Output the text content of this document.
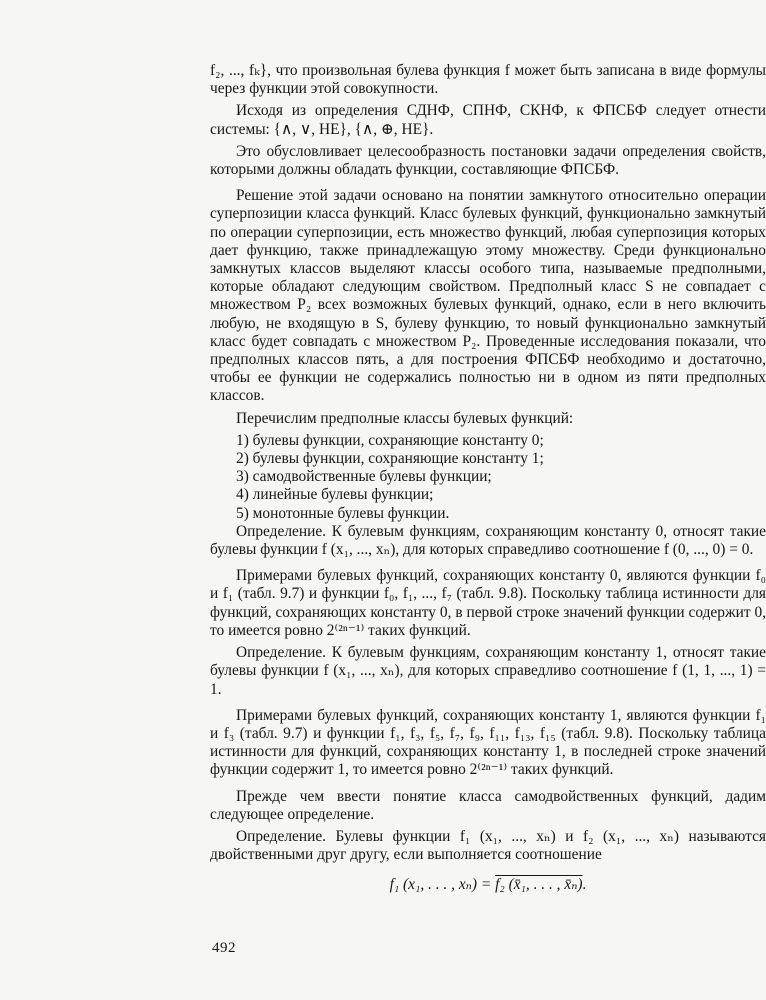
f₂, ..., fₖ}, что произвольная булева функция f может быть записана в виде формулы через функции этой совокупности.

Исходя из определения СДНФ, СПНФ, СКНФ, к ФПСБФ следует отнести системы: {∧, ∨, НЕ}, {∧, ⊕, НЕ}.

Это обусловливает целесообразность постановки задачи определения свойств, которыми должны обладать функции, составляющие ФПСБФ.

Решение этой задачи основано на понятии замкнутого относительно операции суперпозиции класса функций. Класс булевых функций, функционально замкнутый по операции суперпозиции, есть множество функций, любая суперпозиция которых дает функцию, также принадлежащую этому множеству. Среди функционально замкнутых классов выделяют классы особого типа, называемые предполными, которые обладают следующим свойством. Предполный класс S не совпадает с множеством P₂ всех возможных булевых функций, однако, если в него включить любую, не входящую в S, булеву функцию, то новый функционально замкнутый класс будет совпадать с множеством P₂. Проведенные исследования показали, что предполных классов пять, а для построения ФПСБФ необходимо и достаточно, чтобы ее функции не содержались полностью ни в одном из пяти предполных классов.

Перечислим предполные классы булевых функций:

1) булевы функции, сохраняющие константу 0;

2) булевы функции, сохраняющие константу 1;

3) самодвойственные булевы функции;

4) линейные булевы функции;

5) монотонные булевы функции.

Определение. К булевым функциям, сохраняющим константу 0, относят такие булевы функции f (x₁, ..., xₙ), для которых справедливо соотношение f (0, ..., 0) = 0.

Примерами булевых функций, сохраняющих константу 0, являются функции f₀ и f₁ (табл. 9.7) и функции f₀, f₁, ..., f₇ (табл. 9.8). Поскольку таблица истинности для функций, сохраняющих константу 0, в первой строке значений функции содержит 0, то имеется ровно 2⁽²ⁿ⁻¹⁾ таких функций.

Определение. К булевым функциям, сохраняющим константу 1, относят такие булевы функции f (x₁, ..., xₙ), для которых справедливо соотношение f (1, 1, ..., 1) = 1.

Примерами булевых функций, сохраняющих константу 1, являются функции f₁ и f₃ (табл. 9.7) и функции f₁, f₃, f₅, f₇, f₉, f₁₁, f₁₃, f₁₅ (табл. 9.8). Поскольку таблица истинности для функций, сохраняющих константу 1, в последней строке значений функции содержит 1, то имеется ровно 2⁽²ⁿ⁻¹⁾ таких функций.

Прежде чем ввести понятие класса самодвойственных функций, дадим следующее определение.

Определение. Булевы функции f₁ (x₁, ..., xₙ) и f₂ (x₁, ..., xₙ) называются двойственными друг другу, если выполняется соотношение

f₁ (x₁, . . . , xₙ) = f₂ (x̄₁, . . . , x̄ₙ).
492
